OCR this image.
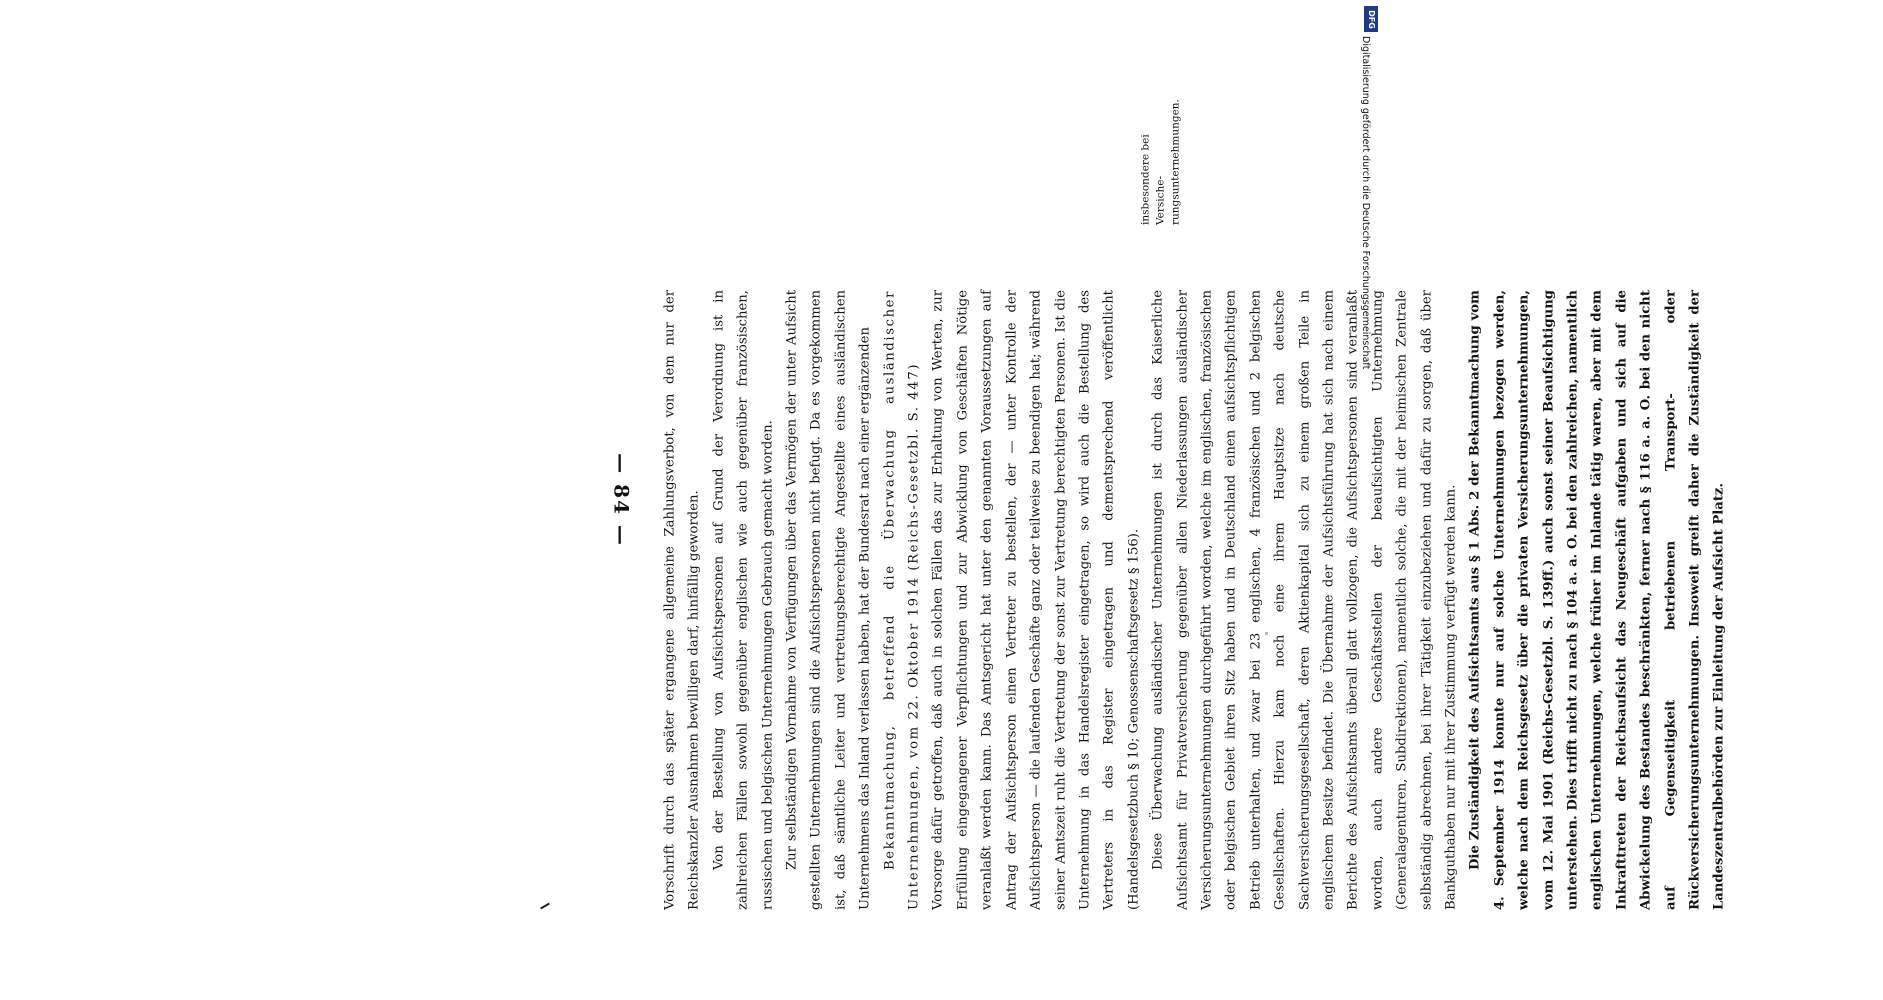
— 84 —	Vorschrift durch das später ergangene allgemeine Zahlungsverbot, von dem nur der Reichskanzler Ausnahmen bewilligen darf, hinfällig geworden. Von der Bestellung von Aufsichtspersonen auf Grund der Verordnung ist in zahlreichen Fällen sowohl gegenüber englischen wie auch gegenüber französischen, russischen und belgischen Unternehmungen Gebrauch gemacht worden. Zur selbständigen Vornahme von Verfügungen über das Vermögen der unter Aufsicht gestellten Unternehmungen sind die Aufsichtspersonen nicht befugt. Da es vorgekommen ist, daß sämtliche Leiter und vertretungsberechtigte Angestellte eines ausländischen Unternehmens das Inland verlassen haben, hat der Bundesrat nach einer ergänzenden Bekanntmachung, betreffend die Überwachung ausländischer Unternehmungen, vom 22. Oktober 1914 (Reichs-Gesetzbl. S. 447) Vorsorge dafür getroffen, daß auch in solchen Fällen das zur Erhaltung von Werten, zur Erfüllung eingegangener Verpflichtungen und zur Abwicklung von Geschäften Nötige veranlaßt werden kann. Das Amtsgericht hat unter den genannten Voraussetzungen auf Antrag der Aufsichtsperson einen Vertreter zu bestellen, der — unter Kontrolle der Aufsichtsperson — die laufenden Geschäfte ganz oder teilweise zu beendigen hat; während seiner Amtszeit ruht die Vertretung der sonst zur Vertretung berechtigten Personen. Ist die Unternehmung in das Handelsregister eingetragen, so wird auch die Bestellung des Vertreters in das Register eingetragen und dementsprechend veröffentlicht (Handelsgesetzbuch § 10; Genossenschaftsgesetz § 156). Diese Überwachung ausländischer Unternehmungen ist durch das Kaiserliche Aufsichtsamt für Privatversicherung gegenüber allen Niederlassungen ausländischer Versicherungsunternehmungen durchgeführt worden, welche im englischen, französischen oder belgischen Gebiet ihren Sitz haben und in Deutschland einen aufsichtspflichtigen Betrieb unterhalten, und zwar bei 23 englischen, 4 französischen und 2 belgischen Gesellschaften. Hierzu kam noch eine ihrem Hauptsitze nach deutsche Sachversicherungsgesellschaft, deren Aktienkapital sich zu einem großen Teile in englischem Besitze befindet. Die Übernahme der Aufsichtsführung hat sich nach einem Berichte des Aufsichtsamts überall glatt vollzogen, die Aufsichtspersonen sind veranlaßt worden, auch andere Geschäftsstellen der beaufsichtigten Unternehmung (Generalagenturen, Subdirektionen), namentlich solche, die mit der heimischen Zentrale selbständig abrechnen, bei ihrer Tätigkeit einzubeziehen und dafür zu sorgen, daß über Bankguthaben nur mit ihrer Zustimmung verfügt werden kann. Die Zuständigkeit des Aufsichtsamts aus § 1 Abs. 2 der Bekanntmachung vom 4. September 1914 konnte nur auf solche Unternehmungen bezogen werden, welche nach dem Reichsgesetz über die privaten Versicherungsunternehmungen, vom 12. Mai 1901 (Reichs-Gesetzbl. S. 139ff.) auch sonst seiner Beaufsichtigung unterstehen. Dies trifft nicht zu nach § 104 a. a. O. bei den zahlreichen, namentlich englischen Unternehmungen, welche früher im Inlande tätig waren, aber mit dem Inkrafttreten der Reichsaufsicht das Neugeschäft aufgaben und sich auf die Abwickelung des Bestandes beschränkten, ferner nach § 116 a. a. O. bei den nicht auf Gegenseitigkeit betriebenen Transport- oder Rückversicherungsunternehmungen. Insoweit greift daher die Zuständigkeit der Landeszentralbehörden zur Einleitung der Aufsicht Platz.

insbesondere bei Versicherungsunternehmungen.
DFG
Digitalisierung gefördert durch die Deutsche Forschungsgemeinschaft
